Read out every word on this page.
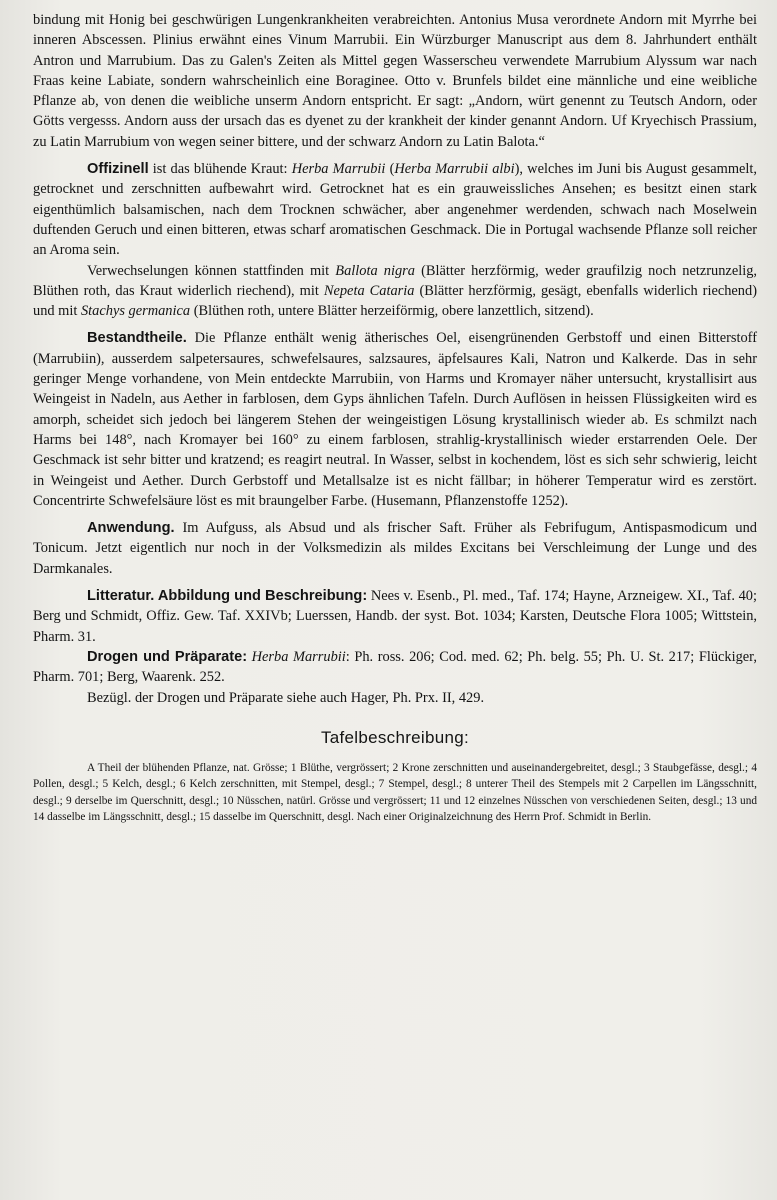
bindung mit Honig bei geschwürigen Lungenkrankheiten verabreichten. Antonius Musa verordnete Andorn mit Myrrhe bei inneren Abscessen. Plinius erwähnt eines Vinum Marrubii. Ein Würzburger Manuscript aus dem 8. Jahrhundert enthält Antron und Marrubium. Das zu Galen's Zeiten als Mittel gegen Wasserscheu verwendete Marrubium Alyssum war nach Fraas keine Labiate, sondern wahrscheinlich eine Boraginee. Otto v. Brunfels bildet eine männliche und eine weibliche Pflanze ab, von denen die weibliche unserm Andorn entspricht. Er sagt: „Andorn, würt genennt zu Teutsch Andorn, oder Götts vergesss. Andorn auss der ursach das es dyenet zu der krankheit der kinder genannt Andorn. Uf Kryechisch Prassium, zu Latin Marrubium von wegen seiner bittere, und der schwarz Andorn zu Latin Balota.“

Offizinell ist das blühende Kraut: Herba Marrubii (Herba Marrubii albi), welches im Juni bis August gesammelt, getrocknet und zerschnitten aufbewahrt wird. Getrocknet hat es ein grauweissliches Ansehen; es besitzt einen stark eigenthümlich balsamischen, nach dem Trocknen schwächer, aber angenehmer werdenden, schwach nach Moselwein duftenden Geruch und einen bitteren, etwas scharf aromatischen Geschmack. Die in Portugal wachsende Pflanze soll reicher an Aroma sein.

Verwechselungen können stattfinden mit Ballota nigra (Blätter herzförmig, weder graufilzig noch netzrunzelig, Blüthen roth, das Kraut widerlich riechend), mit Nepeta Cataria (Blätter herzförmig, gesägt, ebenfalls widerlich riechend) und mit Stachys germanica (Blüthen roth, untere Blätter herzeiförmig, obere lanzettlich, sitzend).

Bestandtheile. Die Pflanze enthält wenig ätherisches Oel, eisengrünenden Gerbstoff und einen Bitterstoff (Marrubiin), ausserdem salpetersaures, schwefelsaures, salzsaures, äpfelsaures Kali, Natron und Kalkerde. Das in sehr geringer Menge vorhandene, von Mein entdeckte Marrubiin, von Harms und Kromayer näher untersucht, krystallisirt aus Weingeist in Nadeln, aus Aether in farblosen, dem Gyps ähnlichen Tafeln. Durch Auflösen in heissen Flüssigkeiten wird es amorph, scheidet sich jedoch bei längerem Stehen der weingeistigen Lösung krystallinisch wieder ab. Es schmilzt nach Harms bei 148°, nach Kromayer bei 160° zu einem farblosen, strahlig-krystallinisch wieder erstarrenden Oele. Der Geschmack ist sehr bitter und kratzend; es reagirt neutral. In Wasser, selbst in kochendem, löst es sich sehr schwierig, leicht in Weingeist und Aether. Durch Gerbstoff und Metallsalze ist es nicht fällbar; in höherer Temperatur wird es zerstört. Concentrirte Schwefelsäure löst es mit braungelber Farbe. (Husemann, Pflanzenstoffe 1252).

Anwendung. Im Aufguss, als Absud und als frischer Saft. Früher als Febrifugum, Antispasmodicum und Tonicum. Jetzt eigentlich nur noch in der Volksmedizin als mildes Excitans bei Verschleimung der Lunge und des Darmkanales.

Litteratur. Abbildung und Beschreibung: Nees v. Esenb., Pl. med., Taf. 174; Hayne, Arzneigew. XI., Taf. 40; Berg und Schmidt, Offiz. Gew. Taf. XXIVb; Luerssen, Handb. der syst. Bot. 1034; Karsten, Deutsche Flora 1005; Wittstein, Pharm. 31.

Drogen und Präparate: Herba Marrubii: Ph. ross. 206; Cod. med. 62; Ph. belg. 55; Ph. U. St. 217; Flückiger, Pharm. 701; Berg, Waarenk. 252.

Bezügl. der Drogen und Präparate siehe auch Hager, Ph. Prx. II, 429.

Tafelbeschreibung:

A Theil der blühenden Pflanze, nat. Grösse; 1 Blüthe, vergrössert; 2 Krone zerschnitten und auseinandergebreitet, desgl.; 3 Staubgefässe, desgl.; 4 Pollen, desgl.; 5 Kelch, desgl.; 6 Kelch zerschnitten, mit Stempel, desgl.; 7 Stempel, desgl.; 8 unterer Theil des Stempels mit 2 Carpellen im Längsschnitt, desgl.; 9 derselbe im Querschnitt, desgl.; 10 Nüsschen, natürl. Grösse und vergrössert; 11 und 12 einzelnes Nüsschen von verschiedenen Seiten, desgl.; 13 und 14 dasselbe im Längsschnitt, desgl.; 15 dasselbe im Querschnitt, desgl. Nach einer Originalzeichnung des Herrn Prof. Schmidt in Berlin.
